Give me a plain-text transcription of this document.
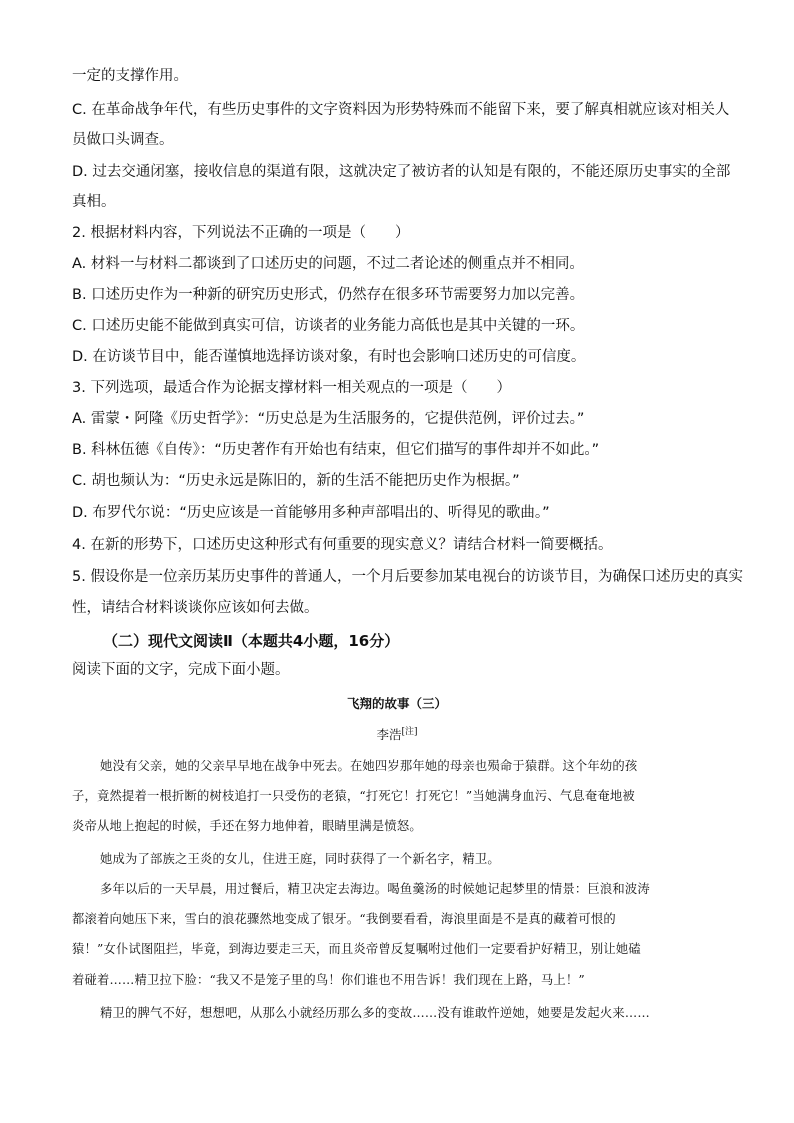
一定的支撑作用。
C. 在革命战争年代，有些历史事件的文字资料因为形势特殊而不能留下来，要了解真相就应该对相关人
员做口头调查。
D. 过去交通闭塞，接收信息的渠道有限，这就决定了被访者的认知是有限的，不能还原历史事实的全部
真相。
2. 根据材料内容，下列说法不正确的一项是（　　）
A. 材料一与材料二都谈到了口述历史的问题，不过二者论述的侧重点并不相同。
B. 口述历史作为一种新的研究历史形式，仍然存在很多环节需要努力加以完善。
C. 口述历史能不能做到真实可信，访谈者的业务能力高低也是其中关键的一环。
D. 在访谈节目中，能否谨慎地选择访谈对象，有时也会影响口述历史的可信度。
3. 下列选项，最适合作为论据支撑材料一相关观点的一项是（　　）
A. 雷蒙・阿隆《历史哲学》：“历史总是为生活服务的，它提供范例，评价过去。”
B. 科林伍德《自传》：“历史著作有开始也有结束，但它们描写的事件却并不如此。”
C. 胡也频认为：“历史永远是陈旧的，新的生活不能把历史作为根据。”
D. 布罗代尔说：“历史应该是一首能够用多种声部唱出的、听得见的歌曲。”
4. 在新的形势下，口述历史这种形式有何重要的现实意义？请结合材料一简要概括。
5. 假设你是一位亲历某历史事件的普通人，一个月后要参加某电视台的访谈节目，为确保口述历史的真实
性，请结合材料谈谈你应该如何去做。
（二）现代文阅读Ⅱ（本题共4小题，16分）
阅读下面的文字，完成下面小题。
飞翔的故事（三）
李浩[注]
她没有父亲，她的父亲早早地在战争中死去。在她四岁那年她的母亲也殒命于猿群。这个年幼的孩
子，竟然提着一根折断的树枝追打一只受伤的老猿，“打死它！打死它！”当她满身血污、气息奄奄地被
炎帝从地上抱起的时候，手还在努力地伸着，眼睛里满是愤怒。
她成为了部族之王炎的女儿，住进王庭，同时获得了一个新名字，精卫。
多年以后的一天早晨，用过餐后，精卫决定去海边。喝鱼羹汤的时候她记起梦里的情景：巨浪和波涛
都滚着向她压下来，雪白的浪花骤然地变成了银牙。“我倒要看看，海浪里面是不是真的藏着可恨的
猿！”女仆试图阻拦，毕竟，到海边要走三天，而且炎帝曾反复嘱咐过他们一定要看护好精卫，别让她磕
着碰着……精卫拉下脸：“我又不是笼子里的鸟！你们谁也不用告诉！我们现在上路，马上！”
精卫的脾气不好，想想吧，从那么小就经历那么多的变故……没有谁敢忤逆她，她要是发起火来……
